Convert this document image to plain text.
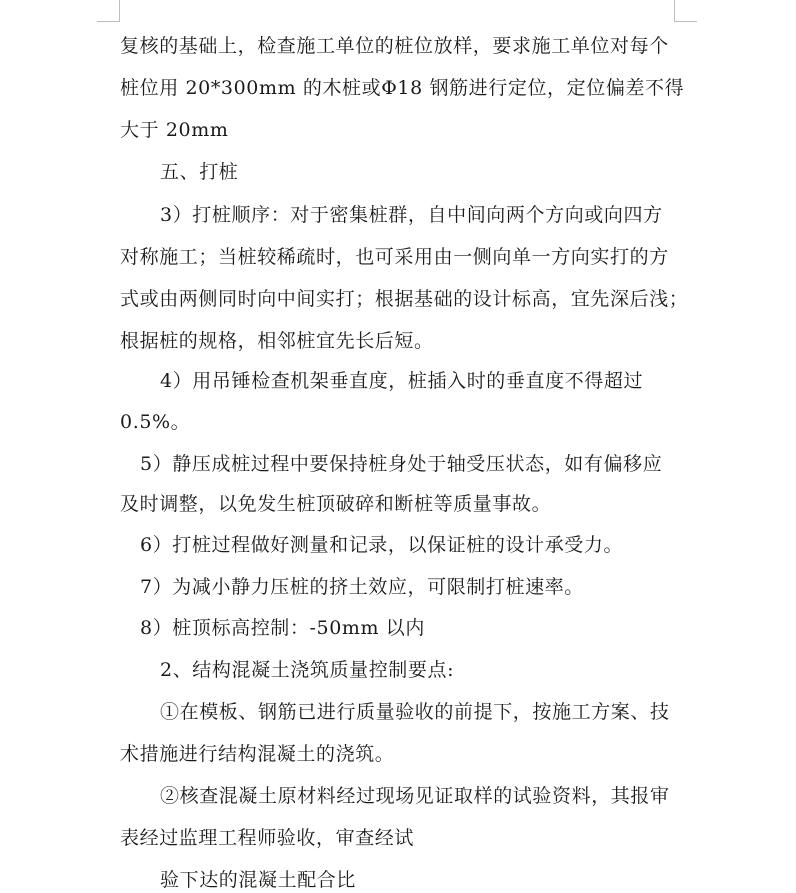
复核的基础上，检查施工单位的桩位放样，要求施工单位对每个
桩位用 20*300mm 的木桩或Φ18 钢筋进行定位，定位偏差不得
大于 20mm
五、打桩
3）打桩顺序：对于密集桩群，自中间向两个方向或向四方
对称施工；当桩较稀疏时，也可采用由一侧向单一方向实打的方
式或由两侧同时向中间实打；根据基础的设计标高，宜先深后浅；
根据桩的规格，相邻桩宜先长后短。
4）用吊锤检查机架垂直度，桩插入时的垂直度不得超过
0.5%。
5）静压成桩过程中要保持桩身处于轴受压状态，如有偏移应
及时调整，以免发生桩顶破碎和断桩等质量事故。
6）打桩过程做好测量和记录，以保证桩的设计承受力。
7）为减小静力压桩的挤土效应，可限制打桩速率。
8）桩顶标高控制：-50mm 以内
2、结构混凝土浇筑质量控制要点:
①在模板、钢筋已进行质量验收的前提下，按施工方案、技
术措施进行结构混凝土的浇筑。
②核查混凝土原材料经过现场见证取样的试验资料，其报审
表经过监理工程师验收，审查经试
验下达的混凝土配合比
